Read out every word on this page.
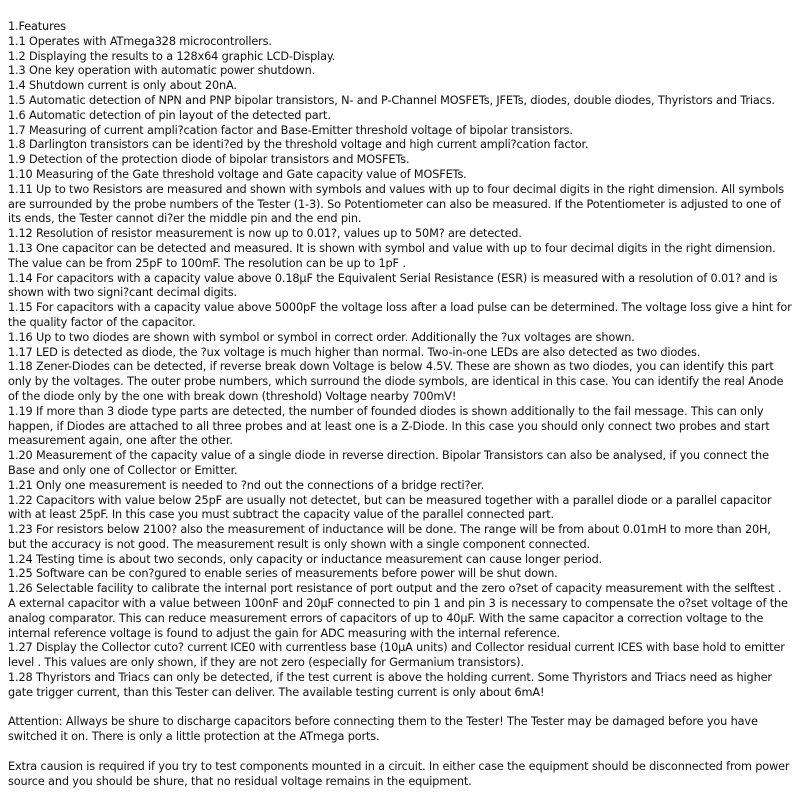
1.Features

1.1 Operates with ATmega328 microcontrollers.

1.2 Displaying the results to a 128x64 graphic LCD-Display.

1.3 One key operation with automatic power shutdown.

1.4 Shutdown current is only about 20nA.

1.5 Automatic detection of NPN and PNP bipolar transistors, N- and P-Channel MOSFETs, JFETs, diodes, double diodes, Thyristors and Triacs.

1.6 Automatic detection of pin layout of the detected part.

1.7 Measuring of current ampli?cation factor and Base-Emitter threshold voltage of bipolar transistors.

1.8 Darlington transistors can be identi?ed by the threshold voltage and high current ampli?cation factor.

1.9 Detection of the protection diode of bipolar transistors and MOSFETs.

1.10 Measuring of the Gate threshold voltage and Gate capacity value of MOSFETs.

1.11 Up to two Resistors are measured and shown with symbols and values with up to four decimal digits in the right dimension. All symbols are surrounded by the probe numbers of the Tester (1-3). So Potentiometer can also be measured. If the Potentiometer is adjusted to one of its ends, the Tester cannot di?er the middle pin and the end pin.

1.12 Resolution of resistor measurement is now up to 0.01?, values up to 50M? are detected.

1.13 One capacitor can be detected and measured. It is shown with symbol and value with up to four decimal digits in the right dimension. The value can be from 25pF to 100mF. The resolution can be up to 1pF .

1.14 For capacitors with a capacity value above 0.18µF the Equivalent Serial Resistance (ESR) is measured with a resolution of 0.01? and is shown with two signi?cant decimal digits.

1.15 For capacitors with a capacity value above 5000pF the voltage loss after a load pulse can be determined. The voltage loss give a hint for the quality factor of the capacitor.

1.16 Up to two diodes are shown with symbol or symbol in correct order. Additionally the ?ux voltages are shown.

1.17 LED is detected as diode, the ?ux voltage is much higher than normal. Two-in-one LEDs are also detected as two diodes.

1.18 Zener-Diodes can be detected, if reverse break down Voltage is below 4.5V. These are shown as two diodes, you can identify this part only by the voltages. The outer probe numbers, which surround the diode symbols, are identical in this case. You can identify the real Anode of the diode only by the one with break down (threshold) Voltage nearby 700mV!

1.19 If more than 3 diode type parts are detected, the number of founded diodes is shown additionally to the fail message. This can only happen, if Diodes are attached to all three probes and at least one is a Z-Diode. In this case you should only connect two probes and start measurement again, one after the other.

1.20 Measurement of the capacity value of a single diode in reverse direction. Bipolar Transistors can also be analysed, if you connect the Base and only one of Collector or Emitter.

1.21 Only one measurement is needed to ?nd out the connections of a bridge recti?er.

1.22 Capacitors with value below 25pF are usually not detectet, but can be measured together with a parallel diode or a parallel capacitor with at least 25pF. In this case you must subtract the capacity value of the parallel connected part.

1.23 For resistors below 2100? also the measurement of inductance will be done. The range will be from about 0.01mH to more than 20H, but the accuracy is not good. The measurement result is only shown with a single component connected.

1.24 Testing time is about two seconds, only capacity or inductance measurement can cause longer period.

1.25 Software can be con?gured to enable series of measurements before power will be shut down.

1.26 Selectable facility to calibrate the internal port resistance of port output and the zero o?set of capacity measurement with the selftest . A external capacitor with a value between 100nF and 20µF connected to pin 1 and pin 3 is necessary to compensate the o?set voltage of the analog comparator. This can reduce measurement errors of capacitors of up to 40µF. With the same capacitor a correction voltage to the internal reference voltage is found to adjust the gain for ADC measuring with the internal reference.

1.27 Display the Collector cuto? current ICE0 with currentless base (10µA units) and Collector residual current ICES with base hold to emitter level . This values are only shown, if they are not zero (especially for Germanium transistors).

1.28 Thyristors and Triacs can only be detected, if the test current is above the holding current. Some Thyristors and Triacs need as higher gate trigger current, than this Tester can deliver. The available testing current is only about 6mA!

Attention: Allways be shure to discharge capacitors before connecting them to the Tester! The Tester may be damaged before you have switched it on. There is only a little protection at the ATmega ports.

Extra causion is required if you try to test components mounted in a circuit. In either case the equipment should be disconnected from power source and you should be shure, that no residual voltage remains in the equipment.
